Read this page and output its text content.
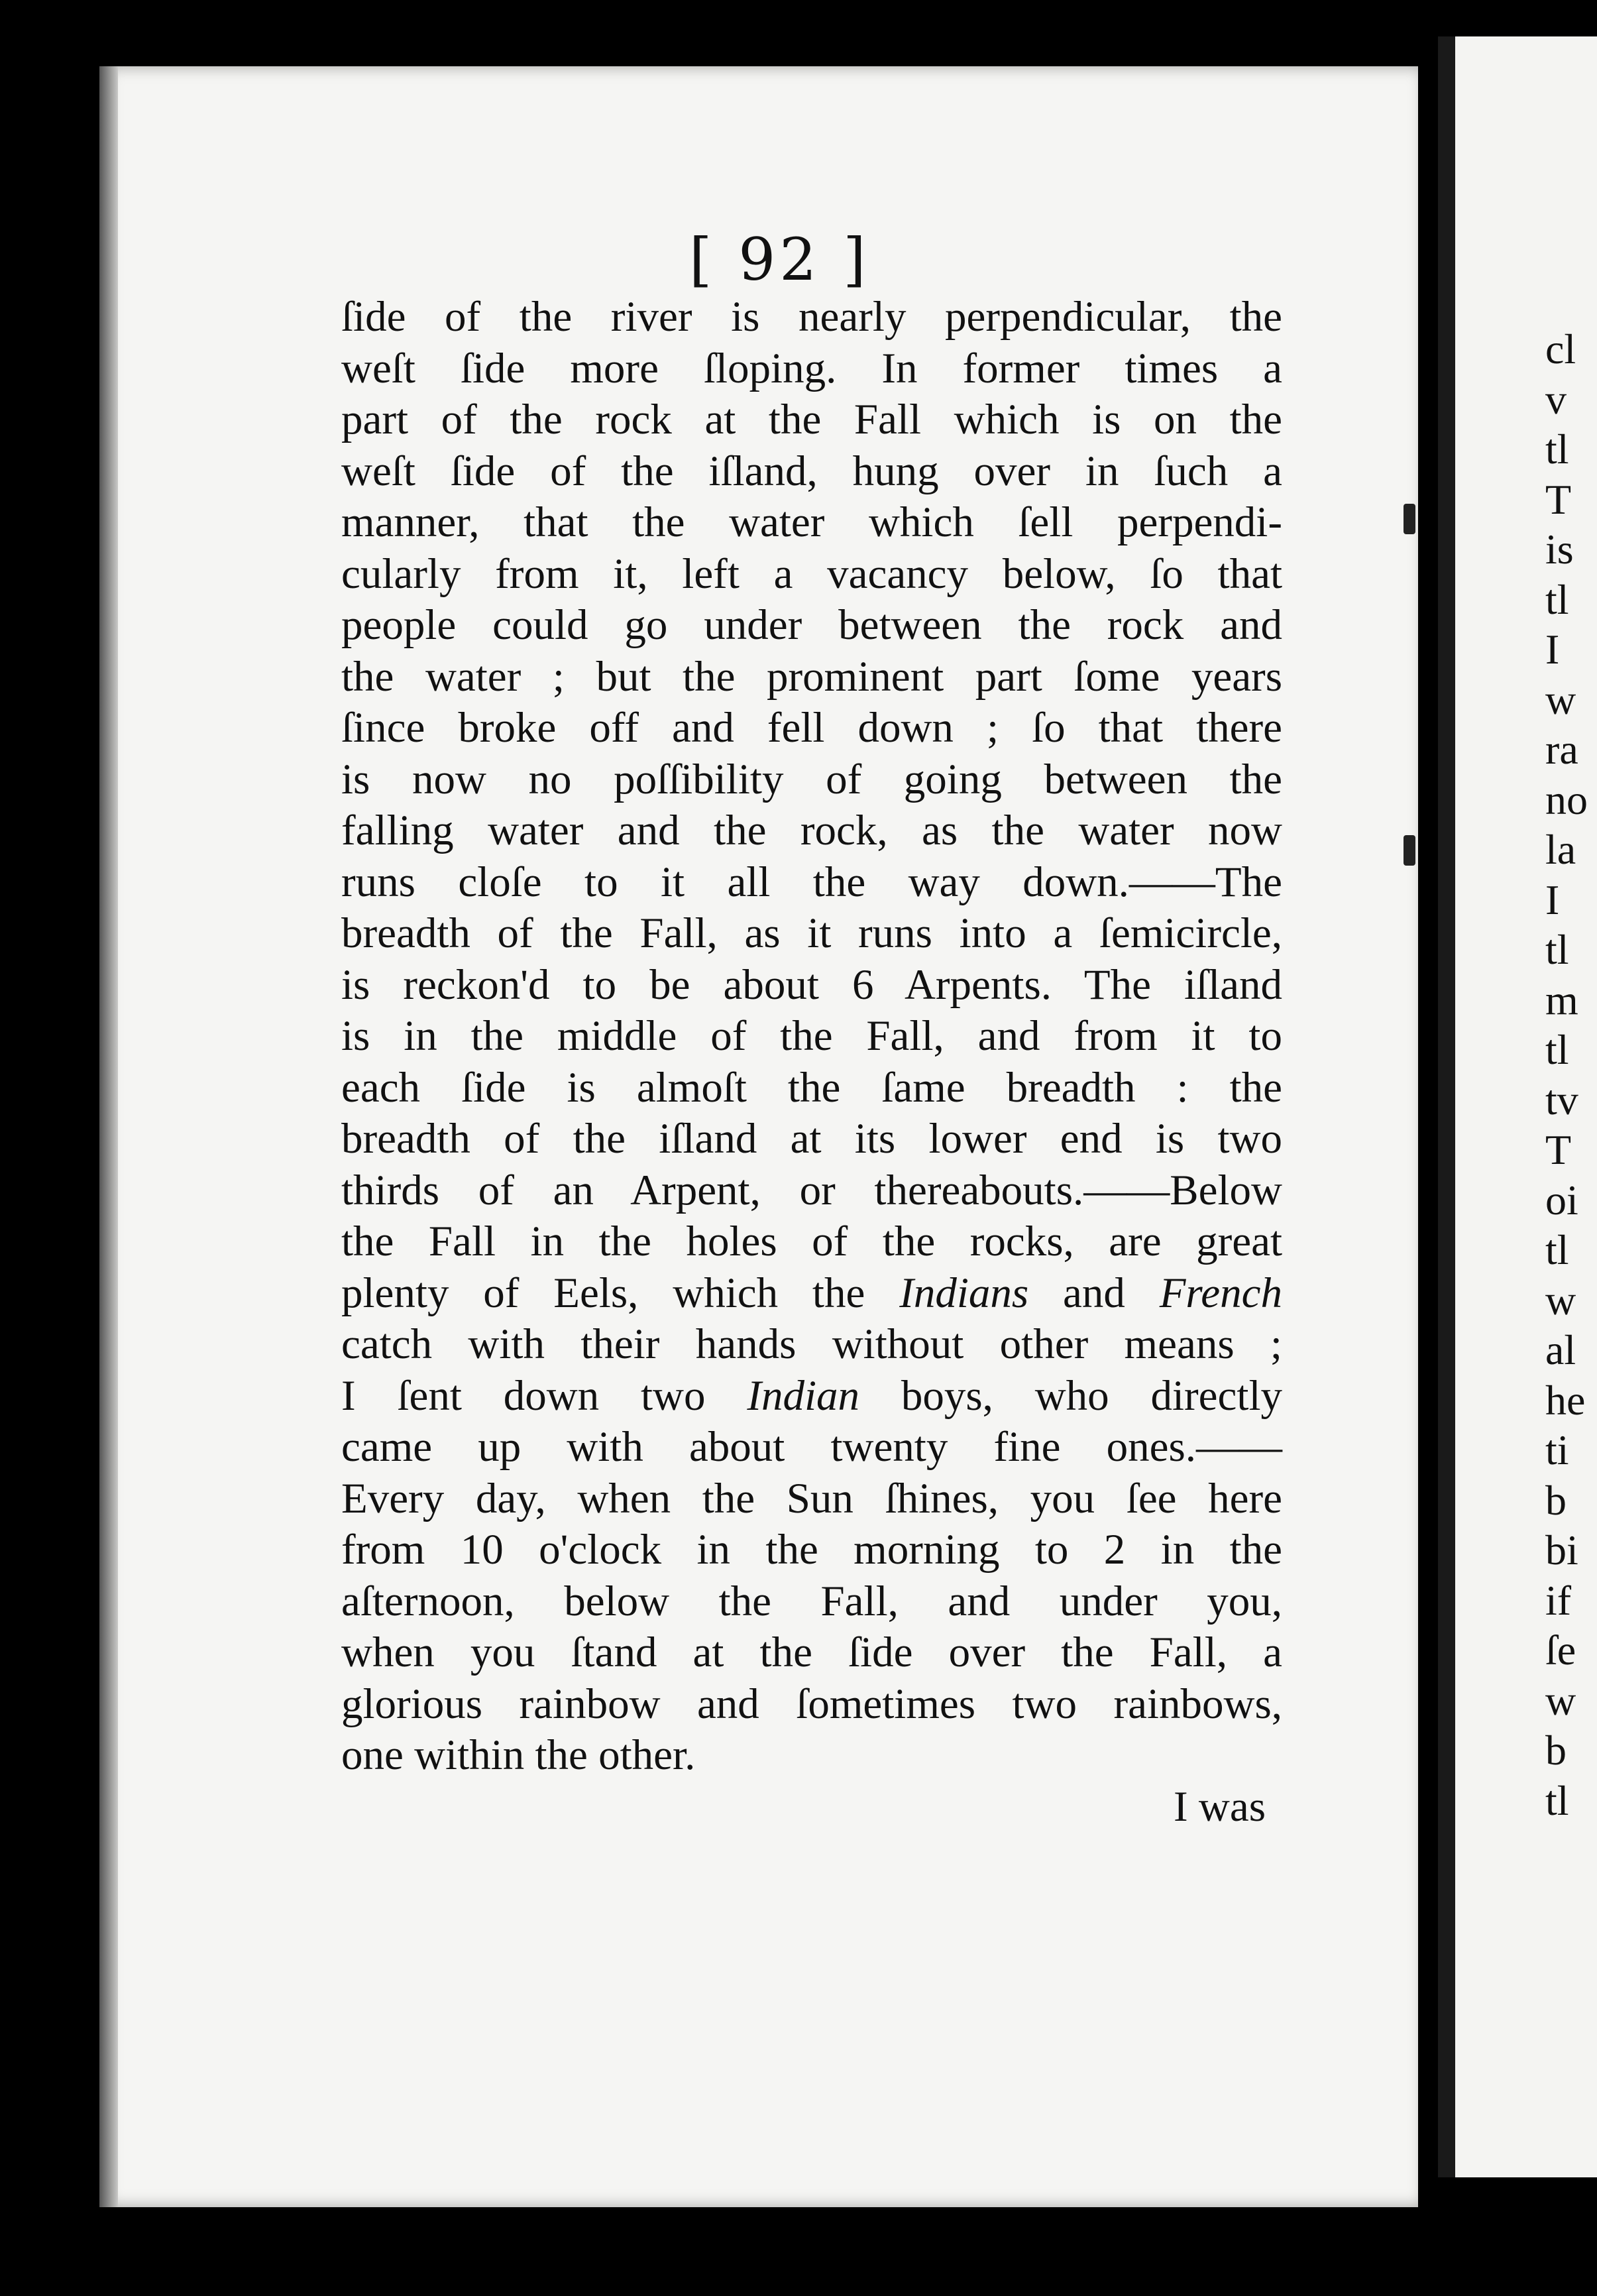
[ 92 ]
ſide of the river is nearly perpendicular, the
weſt ſide more ſloping. In former times a
part of the rock at the Fall which is on the
weſt ſide of the iſland, hung over in ſuch a
manner, that the water which ſell perpendi-
cularly from it, left a vacancy below, ſo that
people could go under between the rock and
the water ; but the prominent part ſome years
ſince broke off and fell down ; ſo that there
is now no poſſibility of going between the
falling water and the rock, as the water now
runs cloſe to it all the way down.——The
breadth of the Fall, as it runs into a ſemicircle,
is reckon'd to be about 6 Arpents. The iſland
is in the middle of the Fall, and from it to
each ſide is almoſt the ſame breadth : the
breadth of the iſland at its lower end is two
thirds of an Arpent, or thereabouts.——Below
the Fall in the holes of the rocks, are great
plenty of Eels, which the Indians and French
catch with their hands without other means ;
I ſent down two Indian boys, who directly
came up with about twenty fine ones.——
Every day, when the Sun ſhines, you ſee here
from 10 o'clock in the morning to 2 in the
aſternoon, below the Fall, and under you,
when you ſtand at the ſide over the Fall, a
glorious rainbow and ſometimes two rainbows,
one within the other.
I was
cl
v
tl
T
is
tl
I
w
ra
no
la
I
tl
m
tl
tv
T
oi
tl
w
al
he
ti
b
bi
if
ſe
w
b
tl
